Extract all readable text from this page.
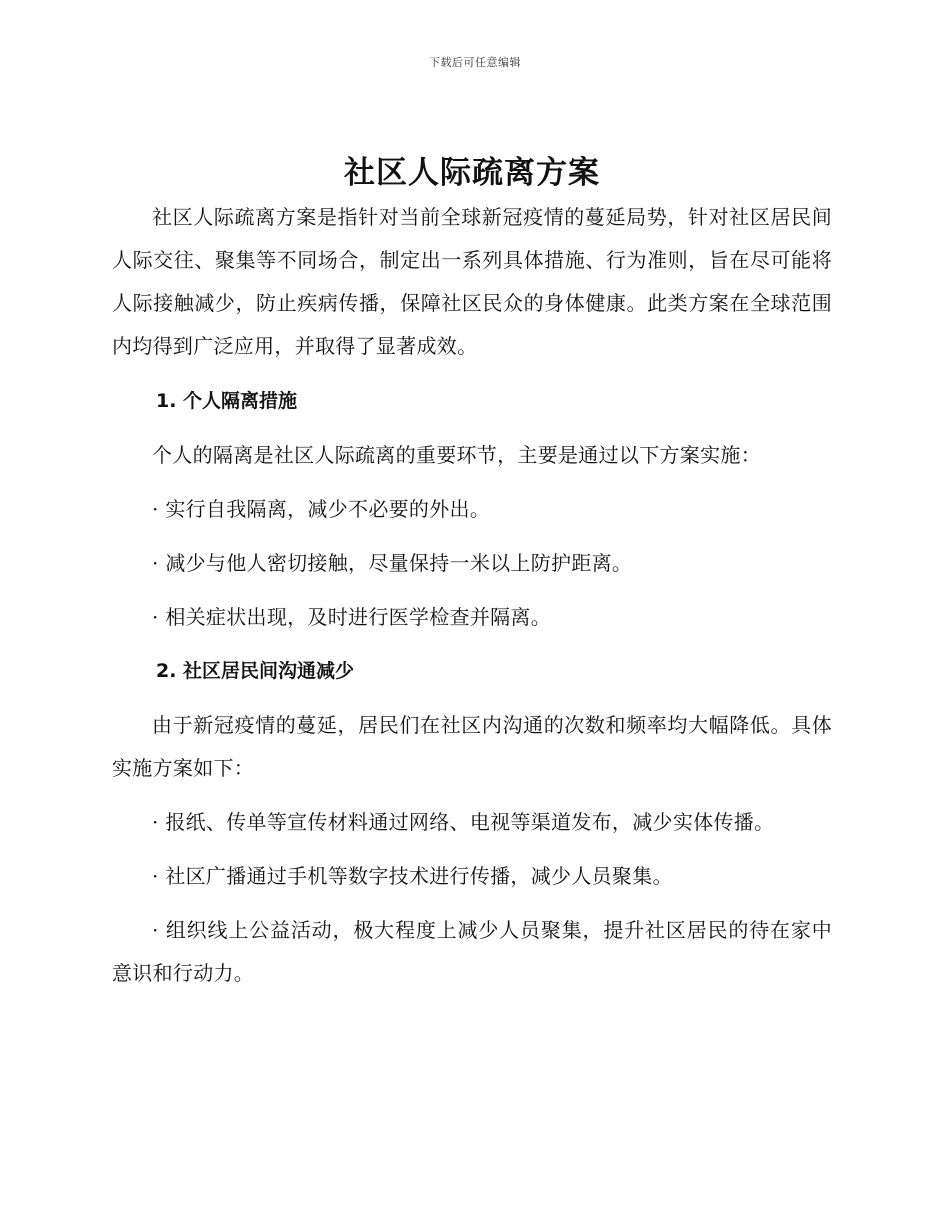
下载后可任意编辑
社区人际疏离方案

社区人际疏离方案是指针对当前全球新冠疫情的蔓延局势，针对社区居民间人际交往、聚集等不同场合，制定出一系列具体措施、行为准则，旨在尽可能将人际接触减少，防止疾病传播，保障社区民众的身体健康。此类方案在全球范围内均得到广泛应用，并取得了显著成效。

1. 个人隔离措施

个人的隔离是社区人际疏离的重要环节，主要是通过以下方案实施：

· 实行自我隔离，减少不必要的外出。

· 减少与他人密切接触，尽量保持一米以上防护距离。

· 相关症状出现，及时进行医学检查并隔离。

2. 社区居民间沟通减少

由于新冠疫情的蔓延，居民们在社区内沟通的次数和频率均大幅降低。具体实施方案如下：

· 报纸、传单等宣传材料通过网络、电视等渠道发布，减少实体传播。

· 社区广播通过手机等数字技术进行传播，减少人员聚集。

· 组织线上公益活动，极大程度上减少人员聚集，提升社区居民的待在家中意识和行动力。
